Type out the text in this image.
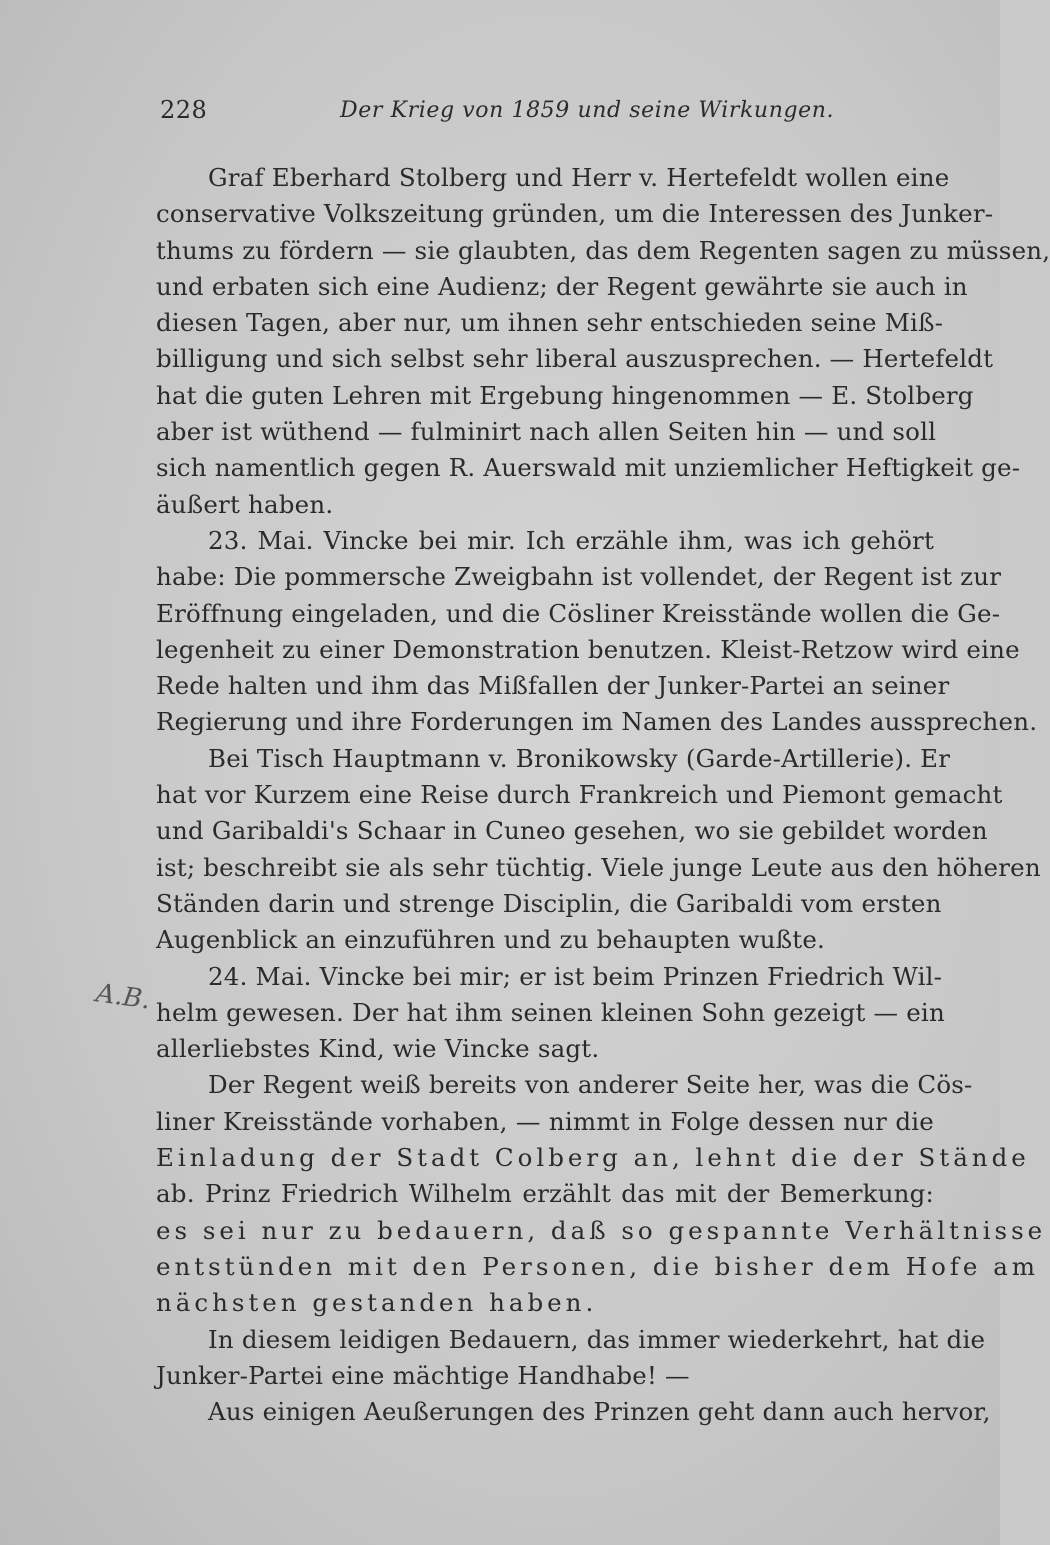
228	Der Krieg von 1859 und seine Wirkungen.
A.B.
Graf Eberhard Stolberg und Herr v. Hertefeldt wollen eine
conservative Volkszeitung gründen, um die Interessen des Junker-
thums zu fördern — sie glaubten, das dem Regenten sagen zu müssen,
und erbaten sich eine Audienz; der Regent gewährte sie auch in
diesen Tagen, aber nur, um ihnen sehr entschieden seine Miß-
billigung und sich selbst sehr liberal auszusprechen. — Hertefeldt
hat die guten Lehren mit Ergebung hingenommen — E. Stolberg
aber ist wüthend — fulminirt nach allen Seiten hin — und soll
sich namentlich gegen R. Auerswald mit unziemlicher Heftigkeit ge-
äußert haben.
23. Mai. Vincke bei mir. Ich erzähle ihm, was ich gehört
habe: Die pommersche Zweigbahn ist vollendet, der Regent ist zur
Eröffnung eingeladen, und die Cösliner Kreisstände wollen die Ge-
legenheit zu einer Demonstration benutzen. Kleist-Retzow wird eine
Rede halten und ihm das Mißfallen der Junker-Partei an seiner
Regierung und ihre Forderungen im Namen des Landes aussprechen.
Bei Tisch Hauptmann v. Bronikowsky (Garde-Artillerie). Er
hat vor Kurzem eine Reise durch Frankreich und Piemont gemacht
und Garibaldi's Schaar in Cuneo gesehen, wo sie gebildet worden
ist; beschreibt sie als sehr tüchtig. Viele junge Leute aus den höheren
Ständen darin und strenge Disciplin, die Garibaldi vom ersten
Augenblick an einzuführen und zu behaupten wußte.
24. Mai. Vincke bei mir; er ist beim Prinzen Friedrich Wil-
helm gewesen. Der hat ihm seinen kleinen Sohn gezeigt — ein
allerliebstes Kind, wie Vincke sagt.
Der Regent weiß bereits von anderer Seite her, was die Cös-
liner Kreisstände vorhaben, — nimmt in Folge dessen nur die
Einladung der Stadt Colberg an, lehnt die der Stände
ab. Prinz Friedrich Wilhelm erzählt das mit der Bemerkung:
es sei nur zu bedauern, daß so gespannte Verhältnisse
entstünden mit den Personen, die bisher dem Hofe am
nächsten gestanden haben.
In diesem leidigen Bedauern, das immer wiederkehrt, hat die
Junker-Partei eine mächtige Handhabe! —
Aus einigen Aeußerungen des Prinzen geht dann auch hervor,
